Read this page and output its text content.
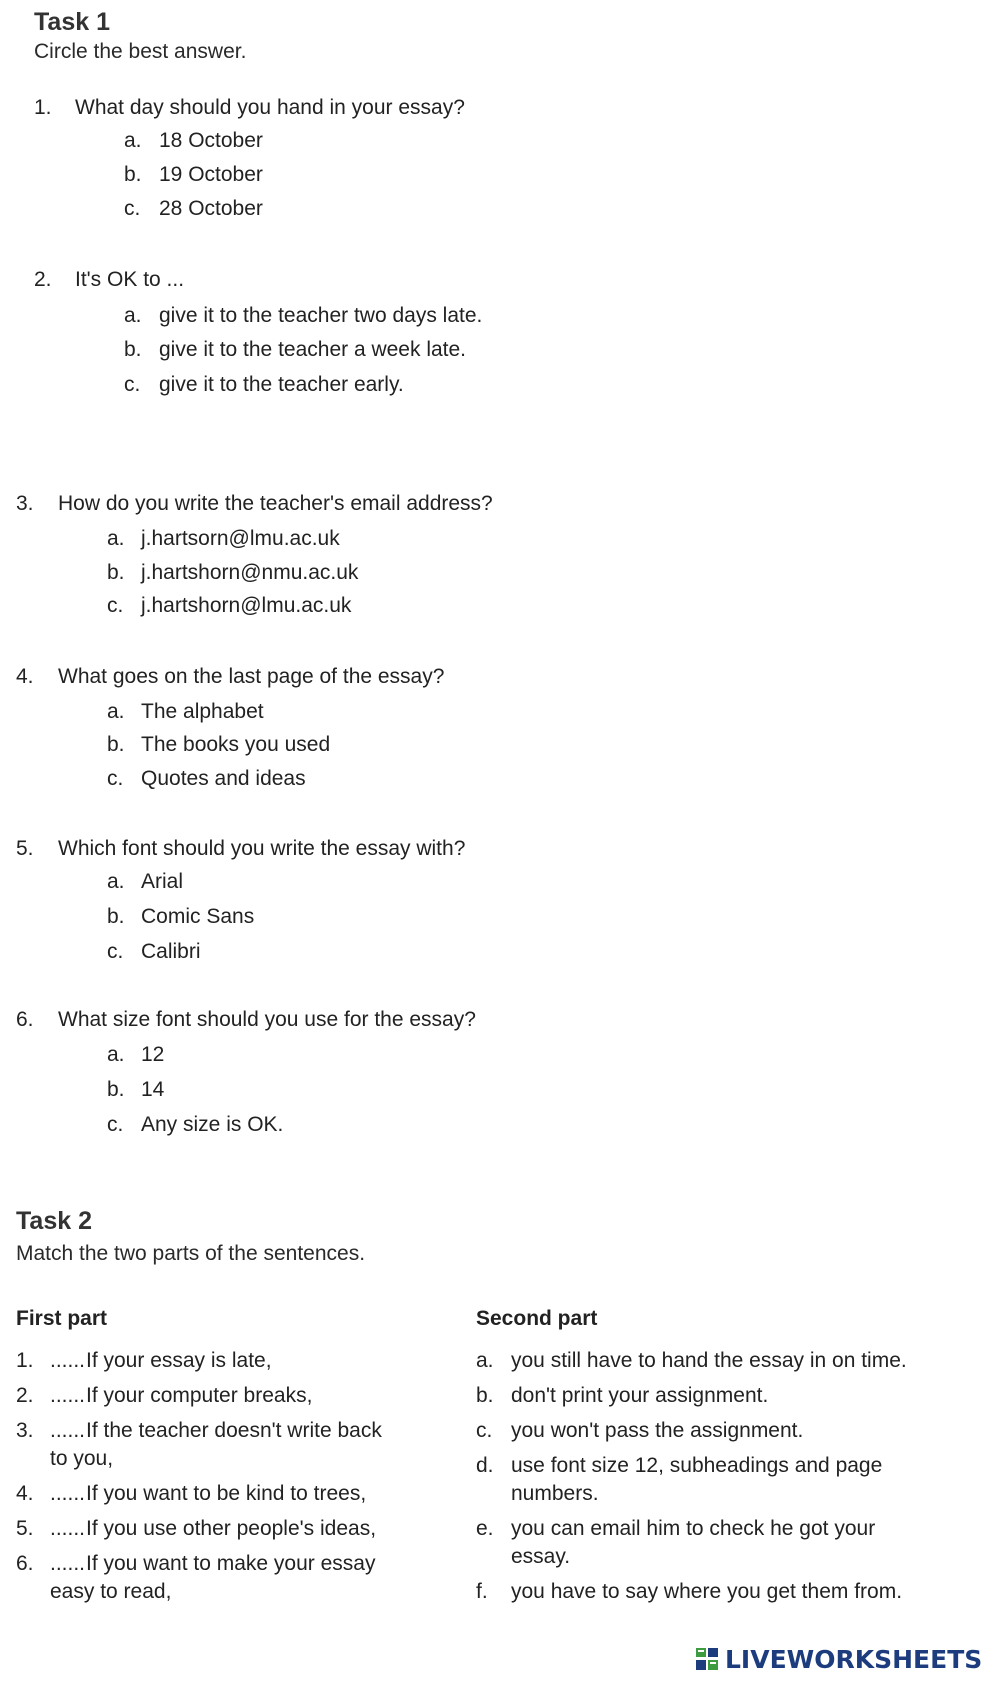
Task 1
Circle the best answer.
1. What day should you hand in your essay?
a. 18 October
b. 19 October
c. 28 October
2. It's OK to ...
a. give it to the teacher two days late.
b. give it to the teacher a week late.
c. give it to the teacher early.
3. How do you write the teacher's email address?
a. j.hartsorn@lmu.ac.uk
b. j.hartshorn@nmu.ac.uk
c. j.hartshorn@lmu.ac.uk
4. What goes on the last page of the essay?
a. The alphabet
b. The books you used
c. Quotes and ideas
5. Which font should you write the essay with?
a. Arial
b. Comic Sans
c. Calibri
6. What size font should you use for the essay?
a. 12
b. 14
c. Any size is OK.
Task 2
Match the two parts of the sentences.
First part	Second part
1. ...... If your essay is late,
2. ...... If your computer breaks,
3. ...... If the teacher doesn't write back
to you,
4. ...... If you want to be kind to trees,
5. ...... If you use other people's ideas,
6. ...... If you want to make your essay
easy to read,
a. you still have to hand the essay in on time.
b. don't print your assignment.
c. you won't pass the assignment.
d. use font size 12, subheadings and page
numbers.
e. you can email him to check he got your
essay.
f. you have to say where you get them from.
LIVEWORKSHEETS
